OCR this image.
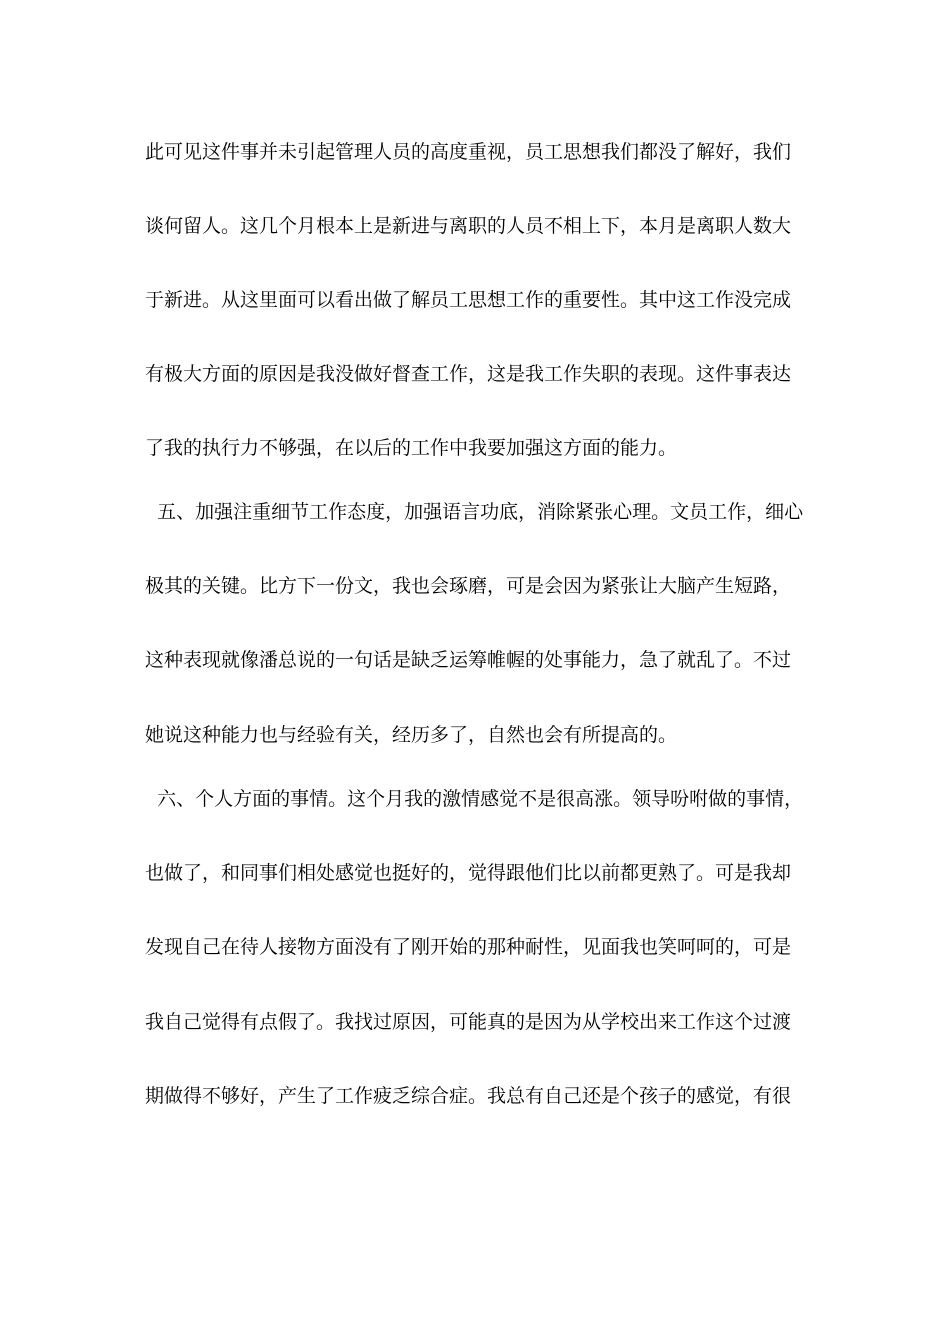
此可见这件事并未引起管理人员的高度重视，员工思想我们都没了解好，我们
谈何留人。这几个月根本上是新进与离职的人员不相上下，本月是离职人数大
于新进。从这里面可以看出做了解员工思想工作的重要性。其中这工作没完成
有极大方面的原因是我没做好督查工作，这是我工作失职的表现。这件事表达
了我的执行力不够强，在以后的工作中我要加强这方面的能力。
五、加强注重细节工作态度，加强语言功底，消除紧张心理。文员工作，细心
极其的关键。比方下一份文，我也会琢磨，可是会因为紧张让大脑产生短路，
这种表现就像潘总说的一句话是缺乏运筹帷幄的处事能力，急了就乱了。不过
她说这种能力也与经验有关，经历多了，自然也会有所提高的。
六、个人方面的事情。这个月我的激情感觉不是很高涨。领导吩咐做的事情，
也做了，和同事们相处感觉也挺好的，觉得跟他们比以前都更熟了。可是我却
发现自己在待人接物方面没有了刚开始的那种耐性，见面我也笑呵呵的，可是
我自己觉得有点假了。我找过原因，可能真的是因为从学校出来工作这个过渡
期做得不够好，产生了工作疲乏综合症。我总有自己还是个孩子的感觉，有很
